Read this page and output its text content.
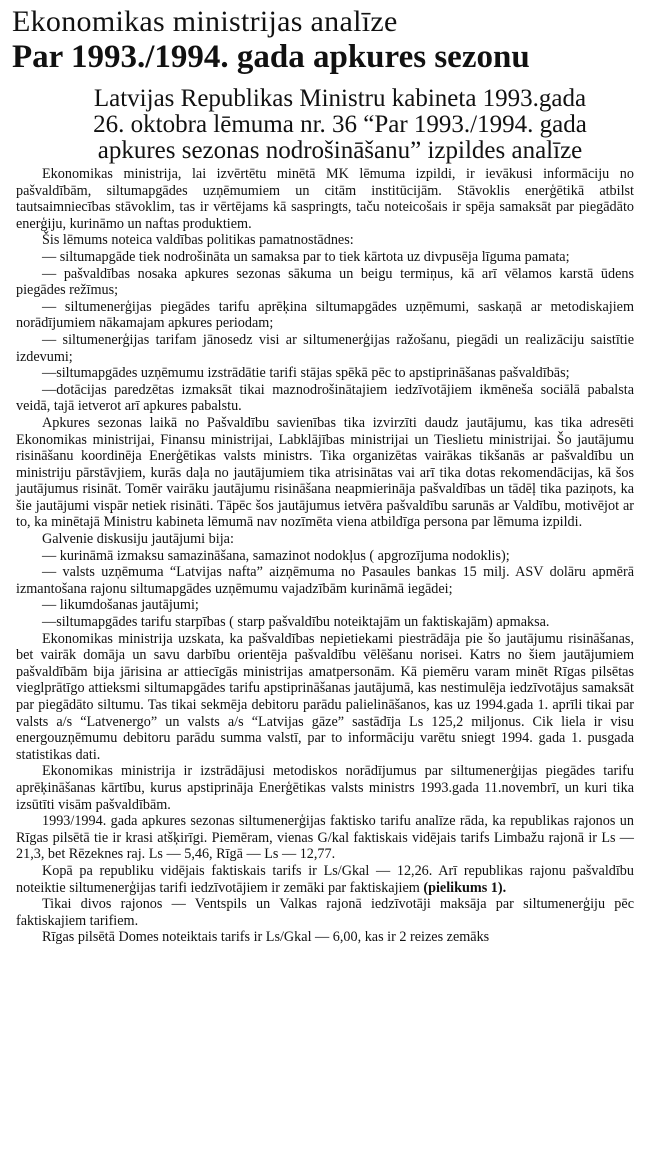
Ekonomikas ministrijas analīze
Par 1993./1994. gada apkures sezonu
Latvijas Republikas Ministru kabineta 1993.gada
26. oktobra lēmuma nr. 36 “Par 1993./1994. gada
apkures sezonas nodrošināšanu” izpildes analīze

Ekonomikas ministrija, lai izvērtētu minētā MK lēmuma izpildi, ir ievākusi informāciju no pašvaldībām, siltumapgādes uzņēmumiem un citām institūcijām. Stāvoklis enerģētikā atbilst tautsaimniecības stāvoklim, tas ir vērtējams kā saspringts, taču noteicošais ir spēja samaksāt par piegādāto enerģiju, kurināmo un naftas produktiem.

Šis lēmums noteica valdības politikas pamatnostādnes:

— siltumapgāde tiek nodrošināta un samaksa par to tiek kārtota uz divpusēja līguma pamata;

— pašvaldības nosaka apkures sezonas sākuma un beigu termiņus, kā arī vēlamos karstā ūdens piegādes režīmus;

— siltumenerģijas piegādes tarifu aprēķina siltumapgādes uzņēmumi, saskaņā ar metodiskajiem norādījumiem nākamajam apkures periodam;

— siltumenerģijas tarifam jānosedz visi ar siltumenerģijas ražošanu, piegādi un realizāciju saistītie izdevumi;

—siltumapgādes uzņēmumu izstrādātie tarifi stājas spēkā pēc to apstiprināšanas pašvaldībās;

—dotācijas paredzētas izmaksāt tikai maznodrošinātajiem iedzīvotājiem ikmēneša sociālā pabalsta veidā, tajā ietverot arī apkures pabalstu.

Apkures sezonas laikā no Pašvaldību savienības tika izvirzīti daudz jautājumu, kas tika adresēti Ekonomikas ministrijai, Finansu ministrijai, Labklājības ministrijai un Tieslietu ministrijai. Šo jautājumu risināšanu koordinēja Enerģētikas valsts ministrs. Tika organizētas vairākas tikšanās ar pašvaldību un ministriju pārstāvjiem, kurās daļa no jautājumiem tika atrisinātas vai arī tika dotas rekomendācijas, kā šos jautājumus risināt. Tomēr vairāku jautājumu risināšana neapmierināja pašvaldības un tādēļ tika paziņots, ka šie jautājumi vispār netiek risināti. Tāpēc šos jautājumus ietvēra pašvaldību sarunās ar Valdību, motivējot ar to, ka minētajā Ministru kabineta lēmumā nav nozīmēta viena atbildīga persona par lēmuma izpildi.

Galvenie diskusiju jautājumi bija:

— kurināmā izmaksu samazināšana, samazinot nodokļus ( apgrozījuma nodoklis);

— valsts uzņēmuma “Latvijas nafta” aizņēmuma no Pasaules bankas 15 milj. ASV dolāru apmērā izmantošana rajonu siltumapgādes uzņēmumu vajadzībām kurināmā iegādei;

— likumdošanas jautājumi;

—siltumapgādes tarifu starpības ( starp pašvaldību noteiktajām un faktiskajām) apmaksa.

Ekonomikas ministrija uzskata, ka pašvaldības nepietiekami piestrādāja pie šo jautājumu risināšanas, bet vairāk domāja un savu darbību orientēja pašvaldību vēlēšanu norisei. Katrs no šiem jautājumiem pašvaldībām bija jārisina ar attiecīgās ministrijas amatpersonām. Kā piemēru varam minēt Rīgas pilsētas vieglprātīgo attieksmi siltumapgādes tarifu apstiprināšanas jautājumā, kas nestimulēja iedzīvotājus samaksāt par piegādāto siltumu. Tas tikai sekmēja debitoru parādu palielināšanos, kas uz 1994.gada 1. aprīli tikai par valsts a/s “Latvenergo” un valsts a/s “Latvijas gāze” sastādīja Ls 125,2 miljonus. Cik liela ir visu energouzņēmumu debitoru parādu summa valstī, par to informāciju varētu sniegt 1994. gada 1. pusgada statistikas dati.

Ekonomikas ministrija ir izstrādājusi metodiskos norādījumus par siltumenerģijas piegādes tarifu aprēķināšanas kārtību, kurus apstiprināja Enerģētikas valsts ministrs 1993.gada 11.novembrī, un kuri tika izsūtīti visām pašvaldībām.

1993/1994. gada apkures sezonas siltumenerģijas faktisko tarifu analīze rāda, ka republikas rajonos un Rīgas pilsētā tie ir krasi atšķirīgi. Piemēram, vienas G/kal faktiskais vidējais tarifs Limbažu rajonā ir Ls — 21,3, bet Rēzeknes raj. Ls — 5,46, Rīgā — Ls — 12,77.

Kopā pa republiku vidējais faktiskais tarifs ir Ls/Gkal — 12,26. Arī republikas rajonu pašvaldību noteiktie siltumenerģijas tarifi iedzīvotājiem ir zemāki par faktiskajiem (pielikums 1).

Tikai divos rajonos — Ventspils un Valkas rajonā iedzīvotāji maksāja par siltumenerģiju pēc faktiskajiem tarifiem.

Rīgas pilsētā Domes noteiktais tarifs ir Ls/Gkal — 6,00, kas ir 2 reizes zemāks
